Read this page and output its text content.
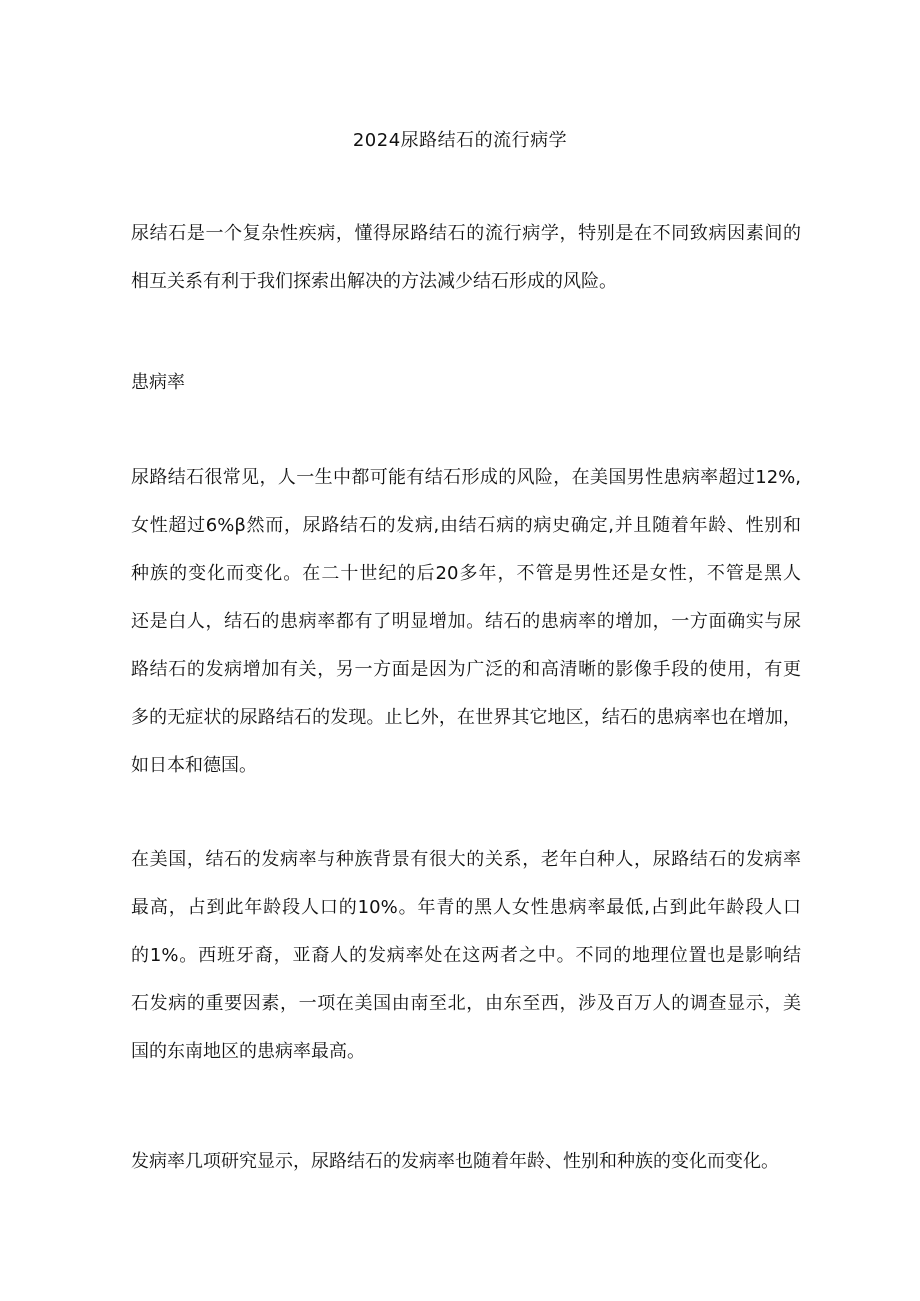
2024尿路结石的流行病学
尿结石是一个复杂性疾病，懂得尿路结石的流行病学，特别是在不同致病因素间的
相互关系有利于我们探索出解决的方法减少结石形成的风险。
患病率
尿路结石很常见，人一生中都可能有结石形成的风险，在美国男性患病率超过12%,
女性超过6%β然而，尿路结石的发病,由结石病的病史确定,并且随着年龄、性别和
种族的变化而变化。在二十世纪的后20多年，不管是男性还是女性，不管是黑人
还是白人，结石的患病率都有了明显增加。结石的患病率的增加，一方面确实与尿
路结石的发病增加有关，另一方面是因为广泛的和高清晰的影像手段的使用，有更
多的无症状的尿路结石的发现。止匕外，在世界其它地区，结石的患病率也在增加，
如日本和德国。
在美国，结石的发病率与种族背景有很大的关系，老年白种人，尿路结石的发病率
最高，占到此年龄段人口的10%。年青的黑人女性患病率最低,占到此年龄段人口
的1%。西班牙裔，亚裔人的发病率处在这两者之中。不同的地理位置也是影响结
石发病的重要因素，一项在美国由南至北，由东至西，涉及百万人的调查显示，美
国的东南地区的患病率最高。
发病率几项研究显示，尿路结石的发病率也随着年龄、性别和种族的变化而变化。
